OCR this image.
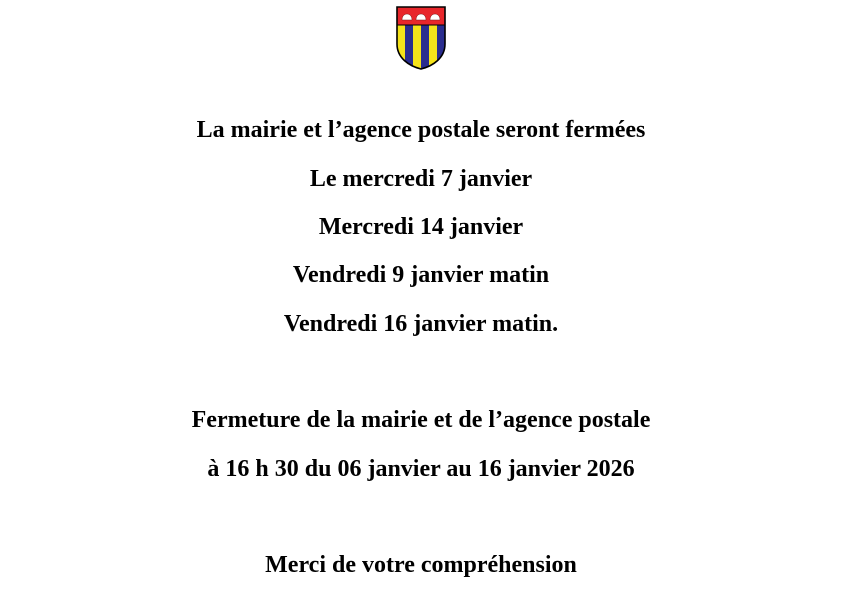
La mairie et l’agence postale seront fermées
Le mercredi 7 janvier
Mercredi 14 janvier
Vendredi 9 janvier matin
Vendredi 16 janvier matin.
Fermeture de la mairie et de l’agence postale
à 16 h 30 du 06 janvier au 16 janvier 2026
Merci de votre compréhension
